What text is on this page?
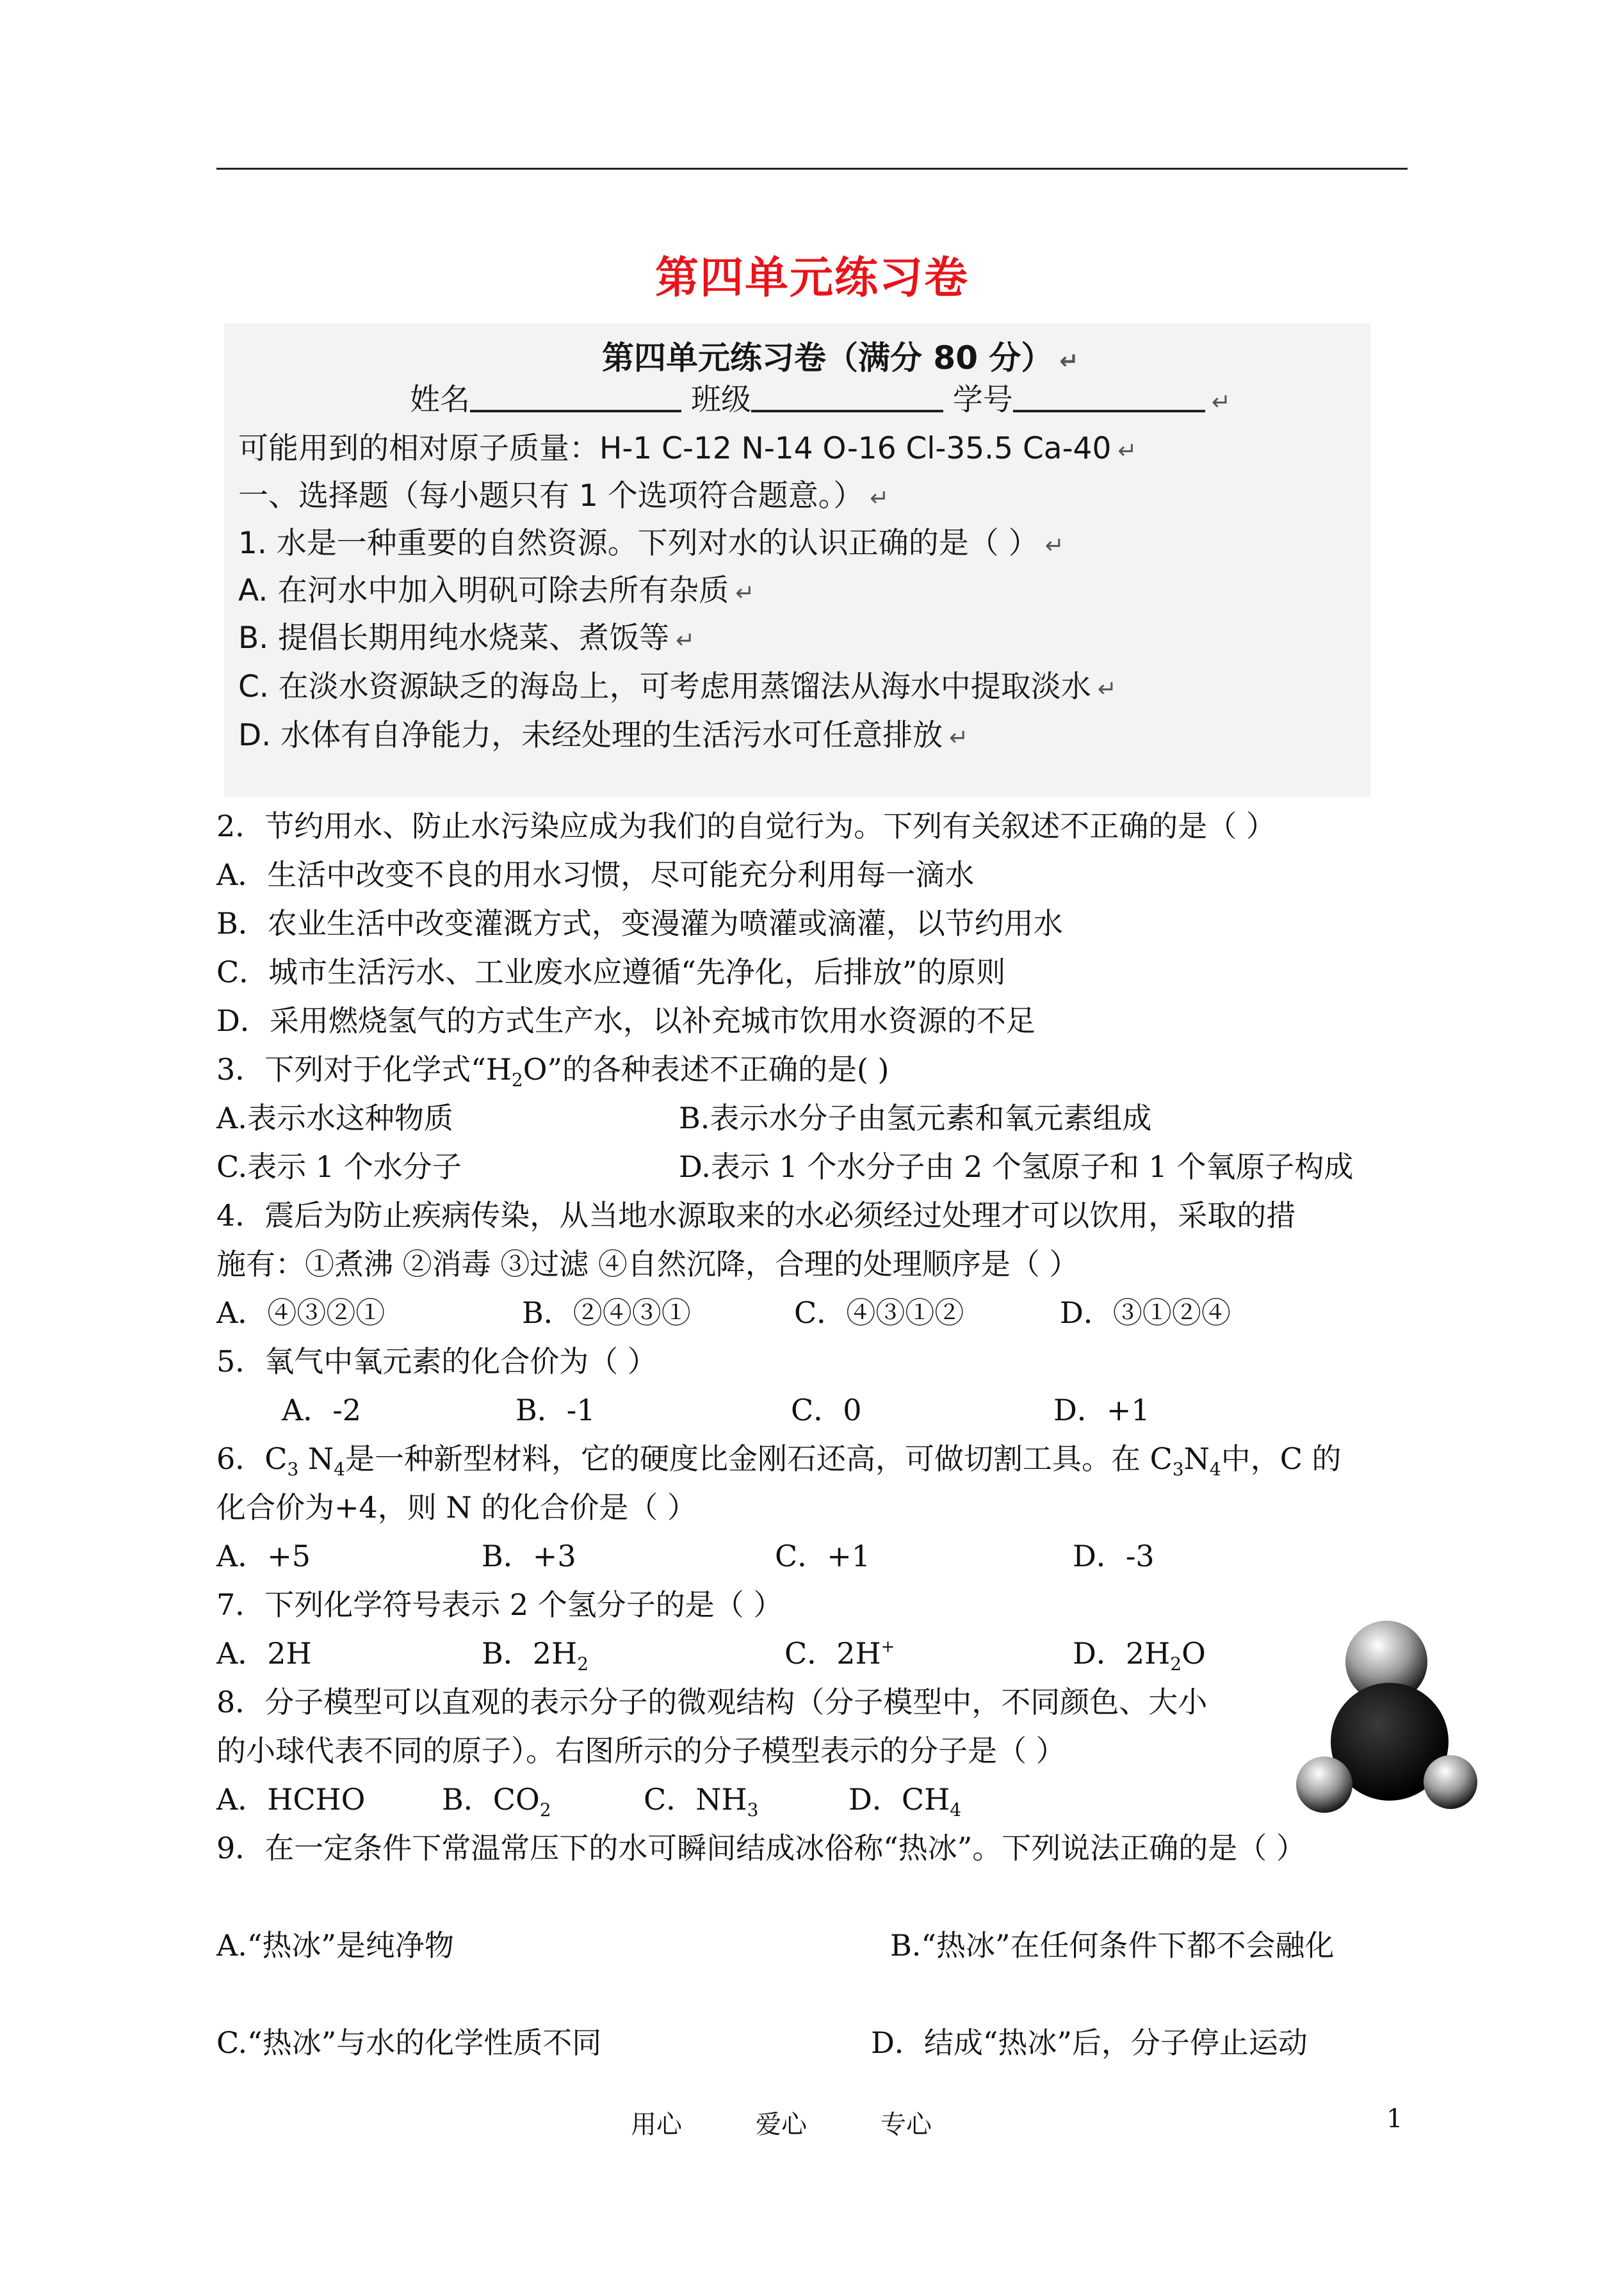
第四单元练习卷
第四单元练习卷（满分 80 分） ↵
姓名	班级	学号	↵
可能用到的相对原子质量：H-1 C-12 N-14 O-16 Cl-35.5 Ca-40 ↵
一、选择题（每小题只有 1 个选项符合题意。） ↵
1. 水是一种重要的自然资源。下列对水的认识正确的是（ ） ↵
A. 在河水中加入明矾可除去所有杂质 ↵
B. 提倡长期用纯水烧菜、煮饭等 ↵
C. 在淡水资源缺乏的海岛上，可考虑用蒸馏法从海水中提取淡水 ↵
D. 水体有自净能力，未经处理的生活污水可任意排放 ↵
2．节约用水、防止水污染应成为我们的自觉行为。下列有关叙述不正确的是（ ）
A．生活中改变不良的用水习惯，尽可能充分利用每一滴水
B．农业生活中改变灌溉方式，变漫灌为喷灌或滴灌，以节约用水
C．城市生活污水、工业废水应遵循“先净化，后排放”的原则
D．采用燃烧氢气的方式生产水，以补充城市饮用水资源的不足
3．下列对于化学式“$H_2O$”的各种表述不正确的是( )
A.表示水这种物质	B.表示水分子由氢元素和氧元素组成
C.表示 1 个水分子	D.表示 1 个水分子由 2 个氢原子和 1 个氧原子构成
4．震后为防止疾病传染，从当地水源取来的水必须经过处理才可以饮用，采取的措
施有：①煮沸 ②消毒 ③过滤 ④自然沉降，合理的处理顺序是（ ）
A．④③②①	B．②④③①	C．④③①②	D．③①②④
5．氧气中氧元素的化合价为（ ）
A．-2	B．-1	C．0	D．+1
6．$C_3$ $N_4$是一种新型材料，它的硬度比金刚石还高，可做切割工具。在 $C_3N_4$中，C 的
化合价为+4，则 N 的化合价是（ ）
A．+5	B．+3	C．+1	D．-3
7．下列化学符号表示 2 个氢分子的是（ ）
A．2H	B．$2H_2$	C．2H+	D．$2H_2O$
8．分子模型可以直观的表示分子的微观结构（分子模型中，不同颜色、大小
的小球代表不同的原子）。右图所示的分子模型表示的分子是（ ）
A．HCHO	B．$CO_2$	C．$NH_3$	D．$CH_4$
9．在一定条件下常温常压下的水可瞬间结成冰俗称“热冰”。下列说法正确的是（ ）
A.“热冰”是纯净物	B.“热冰”在任何条件下都不会融化
C.“热冰”与水的化学性质不同	D．结成“热冰”后，分子停止运动
用心	爱心	专心	1
